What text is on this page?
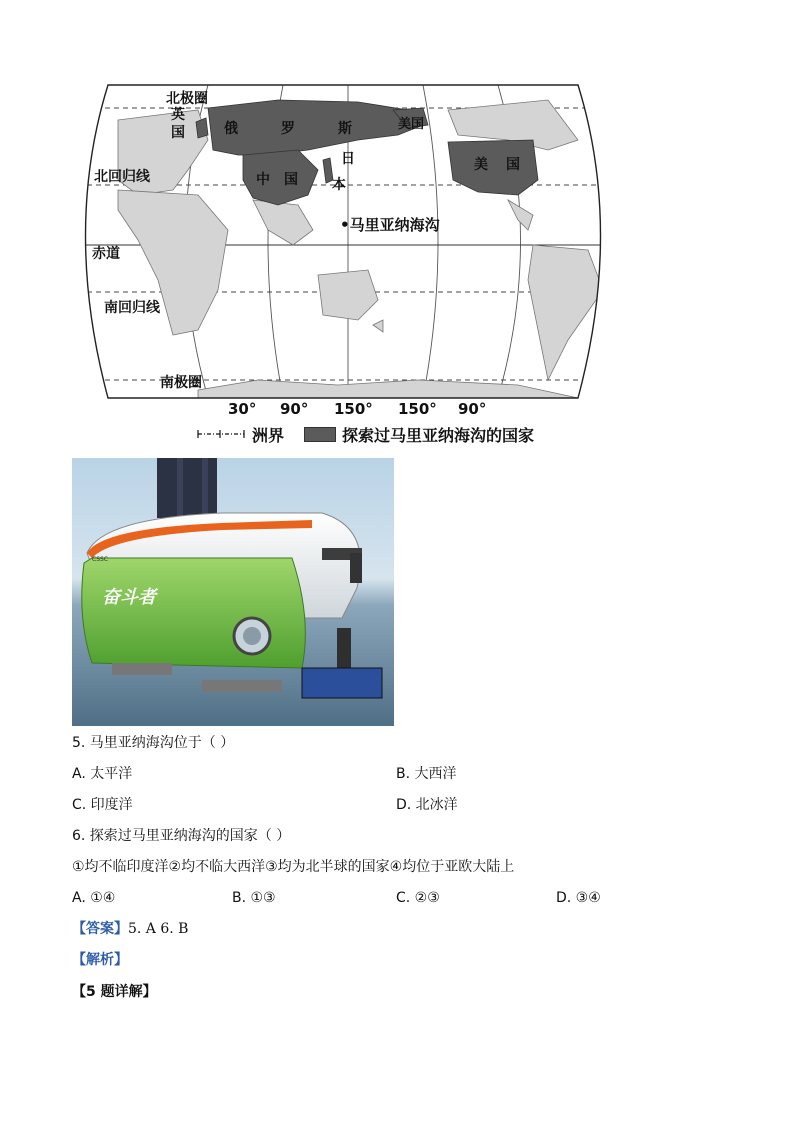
北极圈
北回归线
赤道
南回归线
南极圈
英
国	俄	罗	斯
中 国
日
本
美国
美 国
•马里亚纳海沟
30° 90° 150° 150° 90°
洲界	探索过马里亚纳海沟的国家
奋斗者
CSSC
5. 马里亚纳海沟位于（ ）
A. 太平洋	B. 大西洋
C. 印度洋	D. 北冰洋
6. 探索过马里亚纳海沟的国家（ ）
①均不临印度洋②均不临大西洋③均为北半球的国家④均位于亚欧大陆上
A. ①④	B. ①③	C. ②③	D. ③④
【答案】5. A 6. B
【解析】
【5 题详解】
